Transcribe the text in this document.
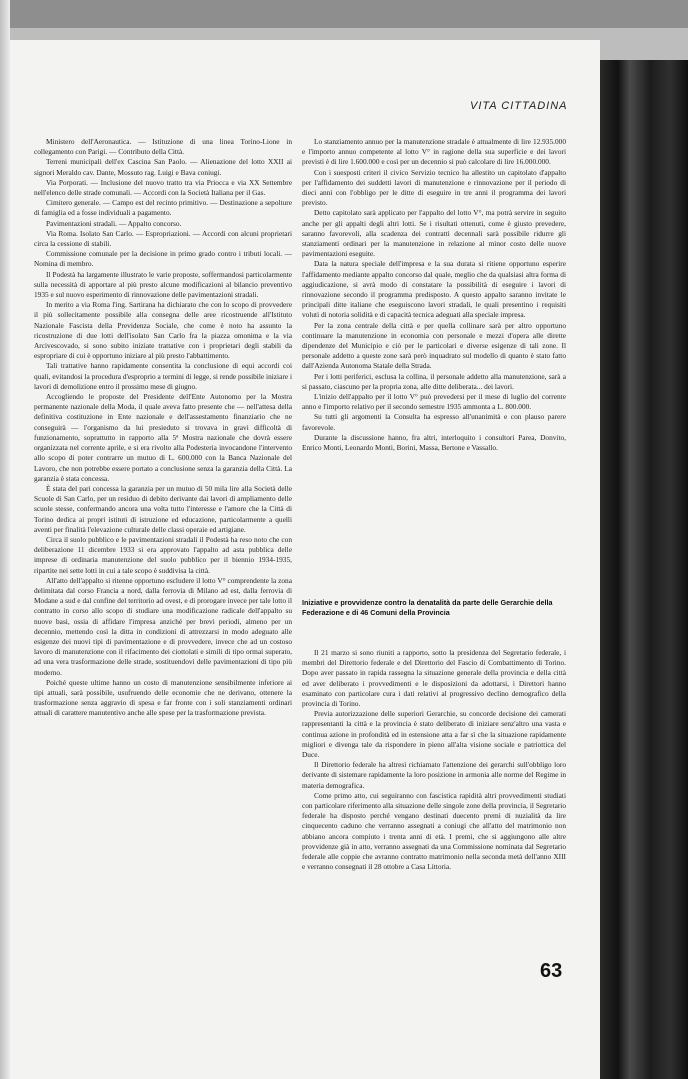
VITA CITTADINA

Ministero dell'Aeronautica. — Istituzione di una linea Torino-Lione in collegamento con Parigi. — Contributo della Città.

Terreni municipali dell'ex Cascina San Paolo. — Alienazione del lotto XXII ai signori Meraldo cav. Dante, Mossuto rag. Luigi e Bava coniugi.

Via Porporati. — Inclusione del nuovo tratto tra via Priocca e via XX Settembre nell'elenco delle strade comunali. — Accordi con la Società Italiana per il Gas.

Cimitero generale. — Campo est del recinto primitivo. — Destinazione a sepolture di famiglia ed a fosse individuali a pagamento.

Pavimentazioni stradali. — Appalto concorso.

Via Roma. Isolato San Carlo. — Espropriazioni. — Accordi con alcuni proprietari circa la cessione di stabili.

Commissione comunale per la decisione in primo grado contro i tributi locali. — Nomina di membro.

Il Podestà ha largamente illustrato le varie proposte, soffermandosi particolarmente sulla necessità di apportare al più presto alcune modificazioni al bilancio preventivo 1935 e sul nuovo esperimento di rinnovazione delle pavimentazioni stradali.

In merito a via Roma l'ing. Sartirana ha dichiarato che con lo scopo di provvedere il più sollecitamente possibile alla consegna delle aree ricostruende all'Istituto Nazionale Fascista della Previdenza Sociale, che come è noto ha assunto la ricostruzione di due lotti dell'isolato San Carlo fra la piazza omonima e la via Arcivescovado, si sono subito iniziate trattative con i proprietari degli stabili da espropriare di cui è opportuno iniziare al più presto l'abbattimento.

Tali trattative hanno rapidamente consentita la conclusione di equi accordi coi quali, evitandosi la procedura d'esproprio a termini di legge, si rende possibile iniziare i lavori di demolizione entro il prossimo mese di giugno.

Accogliendo le proposte del Presidente dell'Ente Autonomo per la Mostra permanente nazionale della Moda, il quale aveva fatto presente che — nell'attesa della definitiva costituzione in Ente nazionale e dell'assestamento finanziario che ne conseguirà — l'organismo da lui presieduto si trovava in gravi difficoltà di funzionamento, soprattutto in rapporto alla 5ª Mostra nazionale che dovrà essere organizzata nel corrente aprile, e si era rivolto alla Podesteria invocandone l'intervento allo scopo di poter contrarre un mutuo di L. 600.000 con la Banca Nazionale del Lavoro, che non potrebbe essere portato a conclusione senza la garanzia della Città. La garanzia è stata concessa.

È stata del pari concessa la garanzia per un mutuo di 50 mila lire alla Società delle Scuole di San Carlo, per un residuo di debito derivante dai lavori di ampliamento delle scuole stesse, confermando ancora una volta tutto l'interesse e l'amore che la Città di Torino dedica ai propri istituti di istruzione ed educazione, particolarmente a quelli aventi per finalità l'elevazione culturale delle classi operaie ed artigiane.

Circa il suolo pubblico e le pavimentazioni stradali il Podestà ha reso noto che con deliberazione 11 dicembre 1933 si era approvato l'appalto ad asta pubblica delle imprese di ordinaria manutenzione del suolo pubblico per il biennio 1934-1935, ripartite nei sette lotti in cui a tale scopo è suddivisa la città.

All'atto dell'appalto si ritenne opportuno escludere il lotto V° comprendente la zona delimitata dal corso Francia a nord, dalla ferrovia di Milano ad est, dalla ferrovia di Modane a sud e dal confine del territorio ad ovest, e di prorogare invece per tale lotto il contratto in corso allo scopo di studiare una modificazione radicale dell'appalto su nuove basi, ossia di affidare l'impresa anziché per brevi periodi, almeno per un decennio, mettendo così la ditta in condizioni di attrezzarsi in modo adeguato alle esigenze dei nuovi tipi di pavimentazione e di provvedere, invece che ad un costoso lavoro di manutenzione con il rifacimento dei ciottolati e simili di tipo ormai superato, ad una vera trasformazione delle strade, sostituendovi delle pavimentazioni di tipo più moderno.

Poiché queste ultime hanno un costo di manutenzione sensibilmente inferiore ai tipi attuali, sarà possibile, usufruendo delle economie che ne derivano, ottenere la trasformazione senza aggravio di spesa e far fronte con i soli stanziamenti ordinari attuali di carattere manutentivo anche alle spese per la trasformazione prevista.

Lo stanziamento annuo per la manutenzione stradale è attualmente di lire 12.935.000 e l'importo annuo competente al lotto V° in ragione della sua superficie e dei lavori previsti è di lire 1.600.000 e così per un decennio si può calcolare di lire 16.000.000.

Con i suesposti criteri il civico Servizio tecnico ha allestito un capitolato d'appalto per l'affidamento dei suddetti lavori di manutenzione e rinnovazione per il periodo di dieci anni con l'obbligo per le ditte di eseguire in tre anni il programma dei lavori previsto.

Detto capitolato sarà applicato per l'appalto del lotto V°, ma potrà servire in seguito anche per gli appalti degli altri lotti. Se i risultati ottenuti, come è giusto prevedere, saranno favorevoli, alla scadenza dei contratti decennali sarà possibile ridurre gli stanziamenti ordinari per la manutenzione in relazione al minor costo delle nuove pavimentazioni eseguite.

Data la natura speciale dell'impresa e la sua durata si ritiene opportuno esperire l'affidamento mediante appalto concorso dal quale, meglio che da qualsiasi altra forma di aggiudicazione, si avrà modo di constatare la possibilità di eseguire i lavori di rinnovazione secondo il programma predisposto. A questo appalto saranno invitate le principali ditte italiane che eseguiscono lavori stradali, le quali presentino i requisiti voluti di notoria solidità e di capacità tecnica adeguati alla speciale impresa.

Per la zona centrale della città e per quella collinare sarà per altro opportuno continuare la manutenzione in economia con personale e mezzi d'opera alle dirette dipendenze del Municipio e ciò per le particolari e diverse esigenze di tali zone. Il personale addetto a queste zone sarà però inquadrato sul modello di quanto è stato fatto dall'Azienda Autonoma Statale della Strada.

Per i lotti periferici, esclusa la collina, il personale addetto alla manutenzione, sarà a si passato, ciascuno per la propria zona, alle ditte deliberata... dei lavori.

L'inizio dell'appalto per il lotto V° può prevedersi per il mese di luglio del corrente anno e l'importo relativo per il secondo semestre 1935 ammonta a L. 800.000.

Su tutti gli argomenti la Consulta ha espresso all'unanimità e con plauso parere favorevole.

Durante la discussione hanno, fra altri, interloquito i consultori Parea, Donvito, Enrico Monti, Leonardo Monti, Borini, Massa, Bertone e Vassallo.

Iniziative e provvidenze contro la denatalità da parte delle Gerarchie della Federazione e di 46 Comuni della Provincia

Il 21 marzo si sono riuniti a rapporto, sotto la presidenza del Segretario federale, i membri del Direttorio federale e del Direttorio del Fascio di Combattimento di Torino. Dopo aver passato in rapida rassegna la situazione generale della provincia e della città ed aver deliberato i provvedimenti e le disposizioni da adottarsi, i Direttori hanno esaminato con particolare cura i dati relativi al progressivo declino demografico della provincia di Torino.

Previa autorizzazione delle superiori Gerarchie, su concorde decisione dei camerati rappresentanti la città e la provincia è stato deliberato di iniziare senz'altro una vasta e continua azione in profondità ed in estensione atta a far sì che la situazione rapidamente migliori e divenga tale da rispondere in pieno all'alta visione sociale e patriottica del Duce.

Il Direttorio federale ha altresì richiamato l'attenzione dei gerarchi sull'obbligo loro derivante di sistemare rapidamente la loro posizione in armonia alle norme del Regime in materia demografica.

Come primo atto, cui seguiranno con fascistica rapidità altri provvedimenti studiati con particolare riferimento alla situazione delle singole zone della provincia, il Segretario federale ha disposto perché vengano destinati duecento premi di nuzialità da lire cinquecento caduno che verranno assegnati a coniugi che all'atto del matrimonio non abbiano ancora compiuto i trenta anni di età. I premi, che si aggiungono alle altre provvidenze già in atto, verranno assegnati da una Commissione nominata dal Segretario federale alle coppie che avranno contratto matrimonio nella seconda metà dell'anno XIII e verranno consegnati il 28 ottobre a Casa Littoria.

63
